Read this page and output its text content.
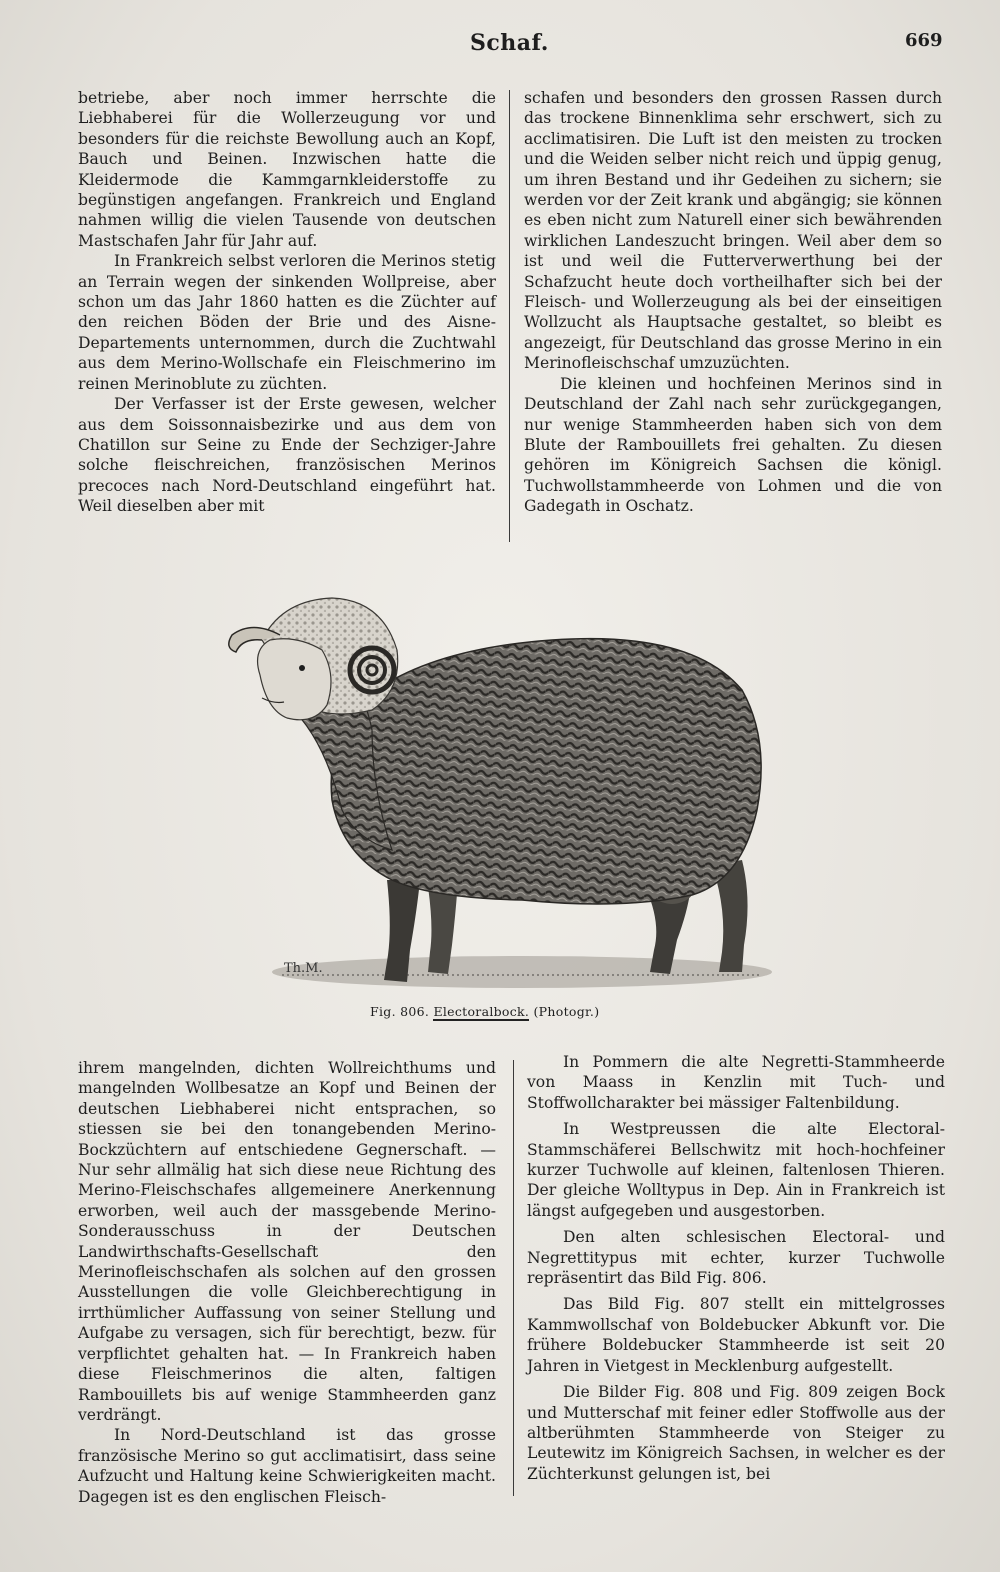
Schaf.	669

betriebe, aber noch immer herrschte die Liebhaberei für die Wollerzeugung vor und besonders für die reichste Bewollung auch an Kopf, Bauch und Beinen. Inzwischen hatte die Kleidermode die Kammgarnkleiderstoffe zu begünstigen angefangen. Frankreich und England nahmen willig die vielen Tausende von deutschen Mastschafen Jahr für Jahr auf.

In Frankreich selbst verloren die Merinos stetig an Terrain wegen der sinkenden Wollpreise, aber schon um das Jahr 1860 hatten es die Züchter auf den reichen Böden der Brie und des Aisne-Departements unternommen, durch die Zuchtwahl aus dem Merino-Wollschafe ein Fleischmerino im reinen Merinoblute zu züchten.

Der Verfasser ist der Erste gewesen, welcher aus dem Soissonnaisbezirke und aus dem von Chatillon sur Seine zu Ende der Sechziger-Jahre solche fleischreichen, französischen Merinos precoces nach Nord-Deutschland eingeführt hat. Weil dieselben aber mit

schafen und besonders den grossen Rassen durch das trockene Binnenklima sehr erschwert, sich zu acclimatisiren. Die Luft ist den meisten zu trocken und die Weiden selber nicht reich und üppig genug, um ihren Bestand und ihr Gedeihen zu sichern; sie werden vor der Zeit krank und abgängig; sie können es eben nicht zum Naturell einer sich bewährenden wirklichen Landeszucht bringen. Weil aber dem so ist und weil die Futterverwerthung bei der Schafzucht heute doch vortheilhafter sich bei der Fleisch- und Wollerzeugung als bei der einseitigen Wollzucht als Hauptsache gestaltet, so bleibt es angezeigt, für Deutschland das grosse Merino in ein Merinofleischschaf umzuzüchten.

Die kleinen und hochfeinen Merinos sind in Deutschland der Zahl nach sehr zurückgegangen, nur wenige Stammheerden haben sich von dem Blute der Rambouillets frei gehalten. Zu diesen gehören im Königreich Sachsen die königl. Tuchwollstammheerde von Lohmen und die von Gadegath in Oschatz.

Th.M.
Fig. 806. Electoralbock. (Photogr.)

ihrem mangelnden, dichten Wollreichthums und mangelnden Wollbesatze an Kopf und Beinen der deutschen Liebhaberei nicht entsprachen, so stiessen sie bei den tonangebenden Merino-Bockzüchtern auf entschiedene Gegnerschaft. — Nur sehr allmälig hat sich diese neue Richtung des Merino-Fleischschafes allgemeinere Anerkennung erworben, weil auch der massgebende Merino-Sonderausschuss in der Deutschen Landwirthschafts-Gesellschaft den Merinofleischschafen als solchen auf den grossen Ausstellungen die volle Gleichberechtigung in irrthümlicher Auffassung von seiner Stellung und Aufgabe zu versagen, sich für berechtigt, bezw. für verpflichtet gehalten hat. — In Frankreich haben diese Fleischmerinos die alten, faltigen Rambouillets bis auf wenige Stammheerden ganz verdrängt.

In Nord-Deutschland ist das grosse französische Merino so gut acclimatisirt, dass seine Aufzucht und Haltung keine Schwierigkeiten macht. Dagegen ist es den englischen Fleisch-

In Pommern die alte Negretti-Stammheerde von Maass in Kenzlin mit Tuch- und Stoffwollcharakter bei mässiger Faltenbildung.

In Westpreussen die alte Electoral-Stammschäferei Bellschwitz mit hoch-hochfeiner kurzer Tuchwolle auf kleinen, faltenlosen Thieren. Der gleiche Wolltypus in Dep. Ain in Frankreich ist längst aufgegeben und ausgestorben.

Den alten schlesischen Electoral- und Negrettitypus mit echter, kurzer Tuchwolle repräsentirt das Bild Fig. 806.

Das Bild Fig. 807 stellt ein mittelgrosses Kammwollschaf von Boldebucker Abkunft vor. Die frühere Boldebucker Stammheerde ist seit 20 Jahren in Vietgest in Mecklenburg aufgestellt.

Die Bilder Fig. 808 und Fig. 809 zeigen Bock und Mutterschaf mit feiner edler Stoffwolle aus der altberühmten Stammheerde von Steiger zu Leutewitz im Königreich Sachsen, in welcher es der Züchterkunst gelungen ist, bei
